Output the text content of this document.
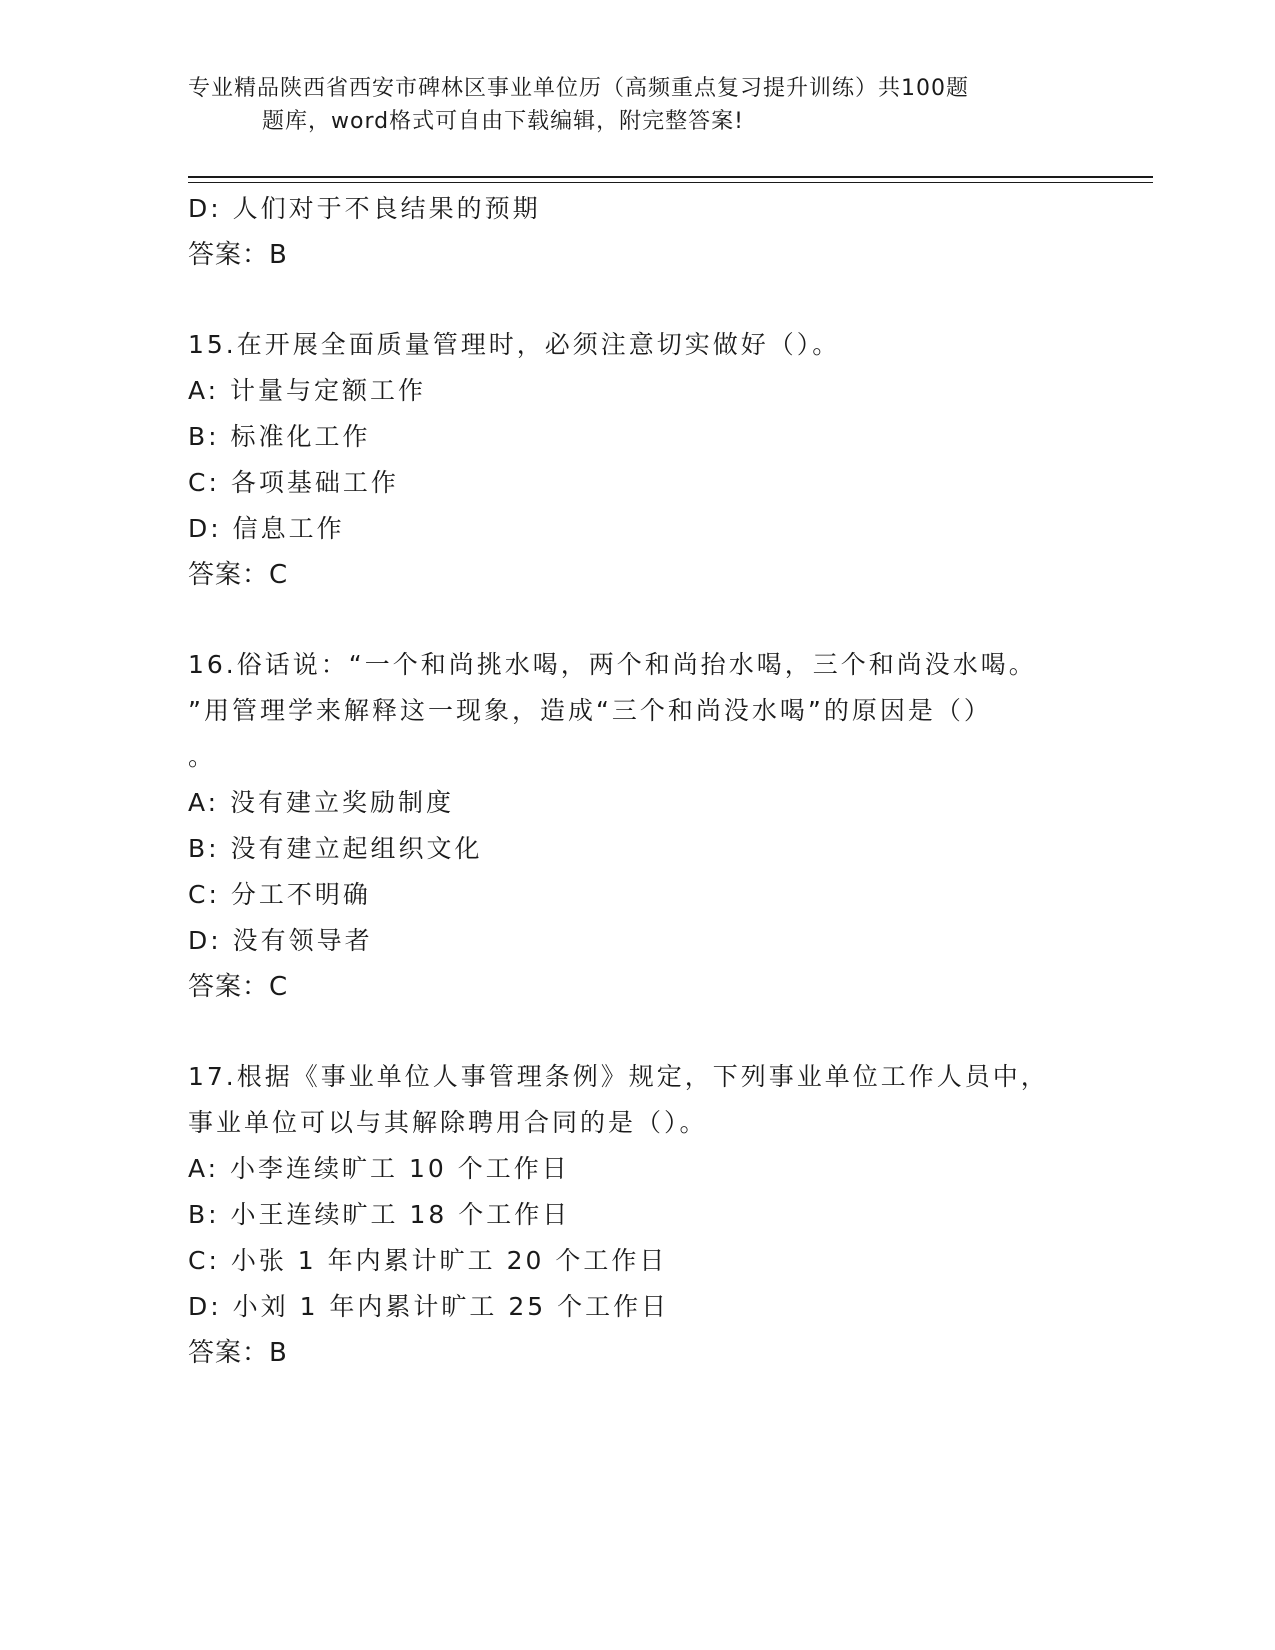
专业精品陕西省西安市碑林区事业单位历（高频重点复习提升训练）共100题
题库，word格式可自由下载编辑，附完整答案!
D: 人们对于不良结果的预期
答案：B
15.在开展全面质量管理时，必须注意切实做好（）。
A: 计量与定额工作
B: 标准化工作
C: 各项基础工作
D: 信息工作
答案：C
16.俗话说：“一个和尚挑水喝，两个和尚抬水喝，三个和尚没水喝。
”用管理学来解释这一现象，造成“三个和尚没水喝”的原因是（）
。
A: 没有建立奖励制度
B: 没有建立起组织文化
C: 分工不明确
D: 没有领导者
答案：C
17.根据《事业单位人事管理条例》规定，下列事业单位工作人员中，
事业单位可以与其解除聘用合同的是（）。
A: 小李连续旷工 10 个工作日
B: 小王连续旷工 18 个工作日
C: 小张 1 年内累计旷工 20 个工作日
D: 小刘 1 年内累计旷工 25 个工作日
答案：B
